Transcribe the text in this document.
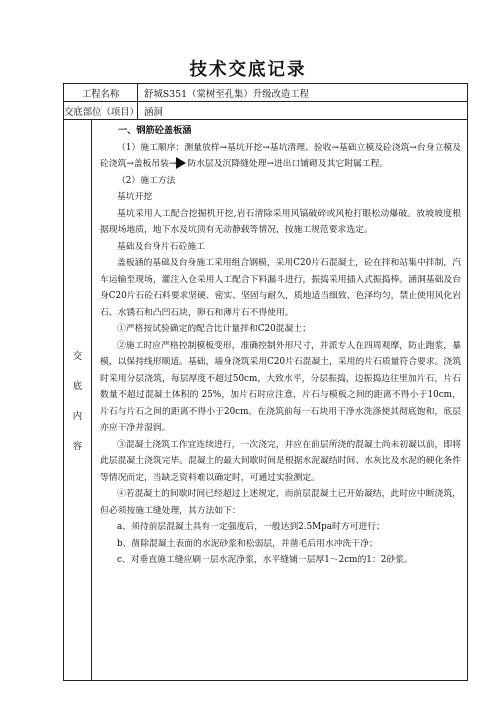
技术交底记录
工程名称	舒城S351（棠树至孔集）升级改造工程
交底部位（项目） 涵洞
交
底
内
容

一、钢筋砼盖板涵

（1）施工顺序：测量放样→基坑开挖→基坑清理、验收→基础立模及砼浇筑→台身立模及砼浇筑→盖板吊装→ 防水层及沉降缝处理→进出口铺砌及其它附属工程。

（2）施工方法

基坑开挖

基坑采用人工配合挖掘机开挖,岩石清除采用风镐破碎或风枪打眼松动爆破。放坡坡度根据现场地质，地下水及坑顶有无动静载等情况，按施工规范要求选定。

基础及台身片石砼施工

盖板涵的基础及台身施工采用组合钢模，采用C20片石混凝土，砼在拌和站集中拌制，汽车运输至现场，灌注入仓采用人工配合下料漏斗进行，振捣采用插入式振捣棒。涵洞基础及台身C20片石砼石料要求坚硬、密实、坚固与耐久，质地适当细致、色泽均匀，禁止使用风化岩石、水锈石和凸凹石块，卵石和薄片石不得使用。

①严格按试验确定的配合比计量拌和C20混凝土；

②施工时应严格控制模板变形，准确控制外形尺寸，并派专人在四周观摩，防止跑浆，暴模，以保持线形顺适。基础，墙身浇筑采用C20片石混凝土，采用的片石质量符合要求。浇筑时采用分层浇筑，每层厚度不超过50cm，大致水平，分层振捣，边振捣边往里加片石，片石数量不超过混凝土体积的 25%，加片石时应注意，片石与模板之间的距离不得小于10cm，片石与片石之间的距离不得小于20cm。在浇筑前每一石块用干净水洗涤使其彻底饱和，底层亦应干净并湿润。

③混凝土浇筑工作宜连续进行，一次浇完，并应在前层所浇的混凝土尚未初凝以前，即将此层混凝土浇筑完毕。混凝土的最大间歇时间是根据水泥凝结时间、水灰比及水泥的硬化条件等情况而定，当缺乏资料难以确定时，可通过实验测定。

④若混凝土的间歇时间已经超过上述规定，而前层混凝土已开始凝结，此时应中断浇筑，但必须按施工缝处理，其方法如下：

a、须待前层混凝土具有一定强度后，一般达到2.5Mpa时方可进行；

b、凿除混凝土表面的水泥砂浆和松弱层，并凿毛后用水冲洗干净；

c、对垂直施工缝应刷一层水泥净浆，水平缝铺一层厚1～2cm的1：2砂浆。
